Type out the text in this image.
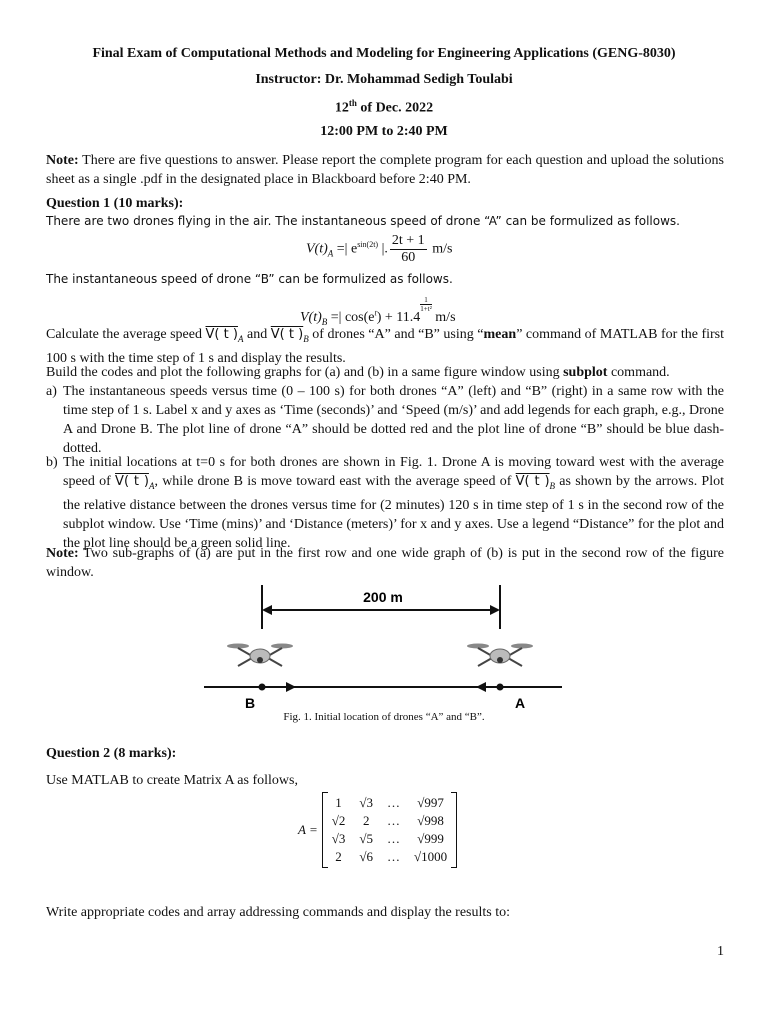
Final Exam of Computational Methods and Modeling for Engineering Applications (GENG-8030)
Instructor: Dr. Mohammad Sedigh Toulabi
12th of Dec. 2022
12:00 PM to 2:40 PM
Note: There are five questions to answer. Please report the complete program for each question and upload the solutions sheet as a single .pdf in the designated place in Blackboard before 2:40 PM.
Question 1 (10 marks):
There are two drones flying in the air. The instantaneous speed of drone “A” can be formulized as follows.
$V(t)_A$ =| $e^{sin(2t)}$ |. $\frac{2t + 1}{60} m/s$
The instantaneous speed of drone “B” can be formulized as follows.
$V(t)_B$ =| $\cos(e^t) + 11.4$
$^{\frac{1}{\text{1+t²}}}$
m/s
Calculate the average speed V( t )$_A$ and V( t )$_B$ of drones “A” and “B” using “mean” command of MATLAB for the first 100 s with the time step of 1 s and display the results.
Build the codes and plot the following graphs for (a) and (b) in a same figure window using subplot command.
a) The instantaneous speeds versus time (0 – 100 s) for both drones “A” (left) and “B” (right) in a same row with the time step of 1 s. Label x and y axes as ‘Time (seconds)’ and ‘Speed (m/s)’ and add legends for each graph, e.g., Drone A and Drone B. The plot line of drone “A” should be dotted red and the plot line of drone “B” should be blue dash-dotted.
b) The initial locations at t=0 s for both drones are shown in Fig. 1. Drone A is moving toward west with the average speed of V( t )$_A$, while drone B is move toward east with the average speed of V( t )$_B$ as shown by the arrows. Plot the relative distance between the drones versus time for (2 minutes) 120 s in time step of 1 s in the second row of the subplot window. Use ‘Time (mins)’ and ‘Distance (meters)’ for x and y axes. Use a legend “Distance” for the plot and the plot line should be a green solid line.
Note: Two sub-graphs of (a) are put in the first row and one wide graph of (b) is put in the second row of the figure window.
200 m
B	A
Fig. 1. Initial location of drones “A” and “B”.
Question 2 (8 marks):
Use MATLAB to create Matrix A as follows,
A =
1	√3	…	√997
√2	2	…	√998
√3	√5	…	√999
2	√6	…	√1000
Write appropriate codes and array addressing commands and display the results to:
1
